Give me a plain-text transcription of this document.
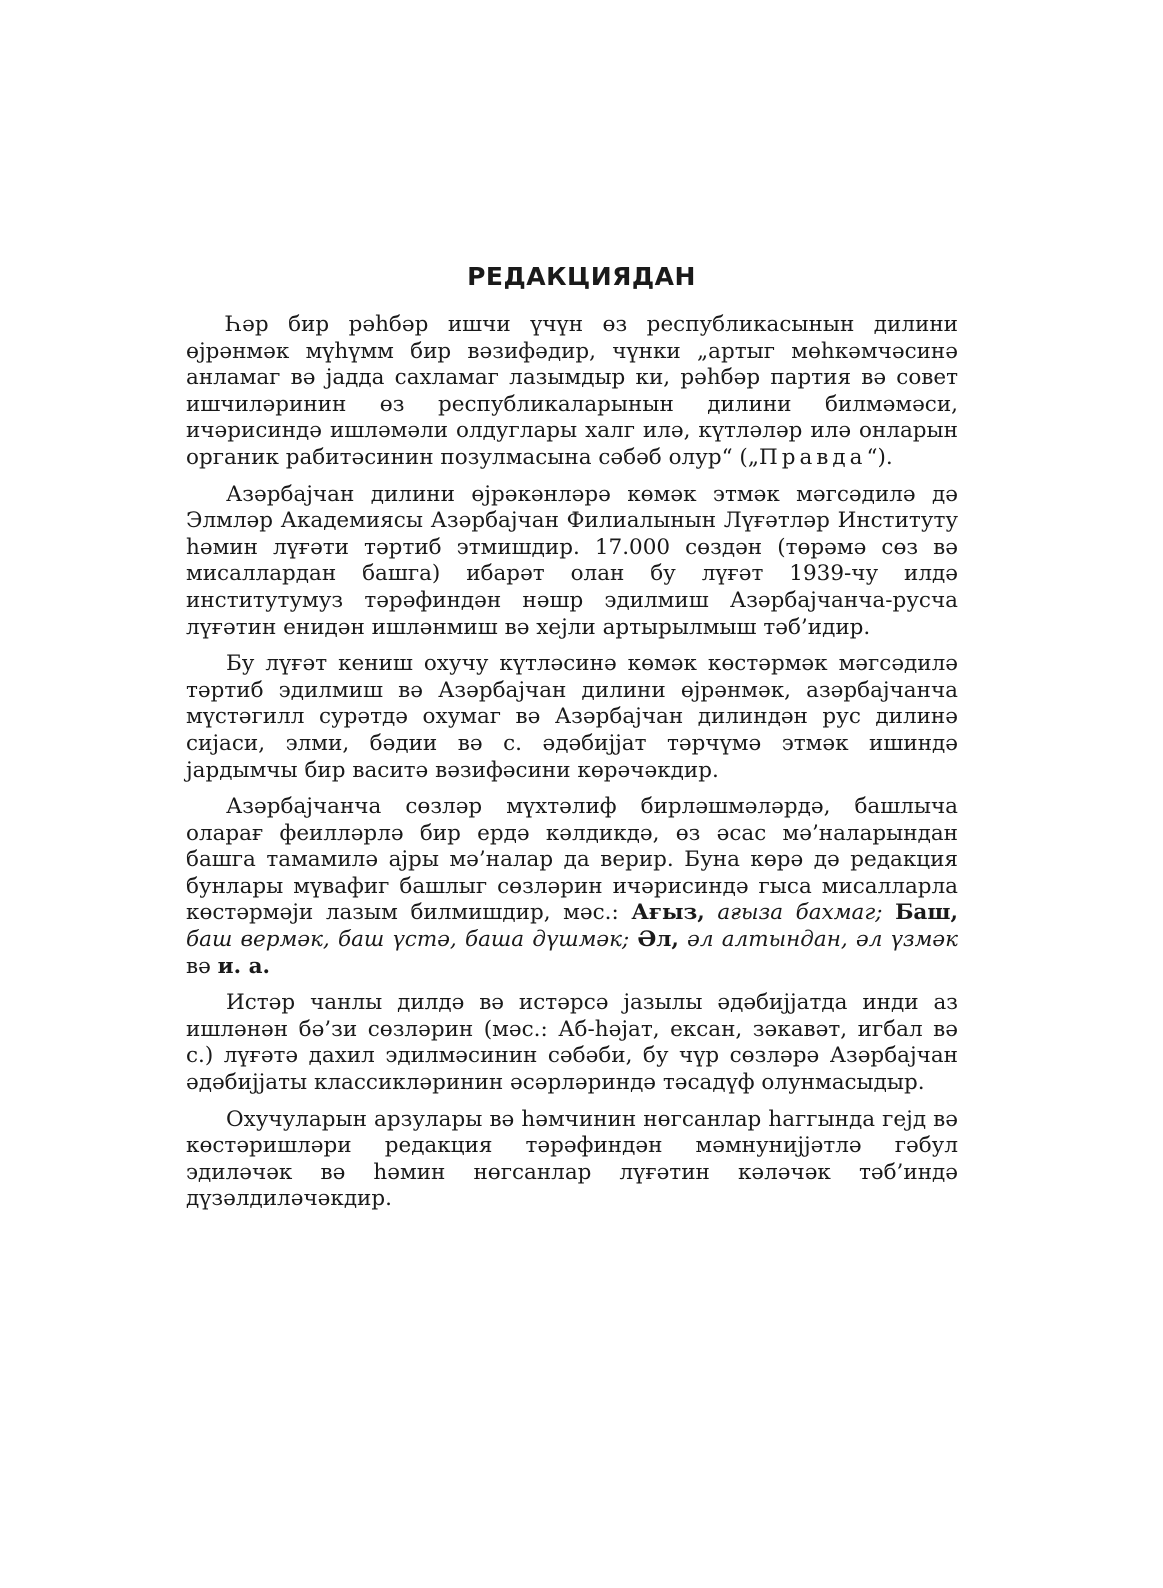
РЕДАКЦИЯДАН

Һәр бир рәһбәр ишчи үчүн өз республикасынын дилини өјрәнмәк мүһүмм бир вәзифәдир, чүнки „артыг мөһкәмчәсинә анламаг вә јадда сахламаг лазымдыр ки, рәһбәр партия вә совет ишчиләринин өз республикаларынын дилини билмәмәси, ичәрисиндә ишләмәли олдуглары халг илә, күтләләр илә онларын органик рабитәсинин позулмасына сәбәб олур“ („Правда“).

Азәрбајчан дилини өјрәкәнләрә көмәк этмәк мәгсәдилә дә Элмләр Академиясы Азәрбајчан Филиалынын Лүғәтләр Институту һәмин лүғәти тәртиб этмишдир. 17.000 сөздән (төрәмә сөз вә мисаллардан башга) ибарәт олан бу лүғәт 1939-чу илдә институтумуз тәрәфиндән нәшр эдилмиш Азәрбајчанча-русча лүғәтин енидән ишләнмиш вә хејли артырылмыш тәб’идир.

Бу лүғәт кениш охучу күтләсинә көмәк көстәрмәк мәгсәдилә тәртиб эдилмиш вә Азәрбајчан дилини өјрәнмәк, азәрбајчанча мүстәгилл сурәтдә охумаг вә Азәрбајчан дилиндән рус дилинә сијаси, элми, бәдии вә с. әдәбијјат тәрчүмә этмәк ишиндә јардымчы бир васитә вәзифәсини көрәчәкдир.

Азәрбајчанча сөзләр мүхтәлиф бирләшмәләрдә, башлыча оларағ феилләрлә бир ердә кәлдикдә, өз әсас мә’наларындан башга тамамилә ајры мә’налар да верир. Буна көрә дә редакция бунлары мүвафиг башлыг сөзләрин ичәрисиндә гыса мисалларла көстәрмәји лазым билмишдир, мәс.: Ағыз, ағыза бахмаг; Баш, баш вермәк, баш үстә, баша дүшмәк; Әл, әл алтындан, әл үзмәк вә и. а.

Истәр чанлы дилдә вә истәрсә јазылы әдәбијјатда инди аз ишләнән бә’зи сөзләрин (мәс.: Аб-һәјат, ексан, зәкавәт, игбал вә с.) лүғәтә дахил эдилмәсинин сәбәби, бу чүр сөзләрә Азәрбајчан әдәбијјаты классикләринин әсәрләриндә тәсадүф олунмасыдыр.

Охучуларын арзулары вә һәмчинин нөгсанлар һаггында гејд вә көстәришләри редакция тәрәфиндән мәмнунијјәтлә гәбул эдиләчәк вә һәмин нөгсанлар лүғәтин кәләчәк тәб’индә дүзәлдиләчәкдир.
